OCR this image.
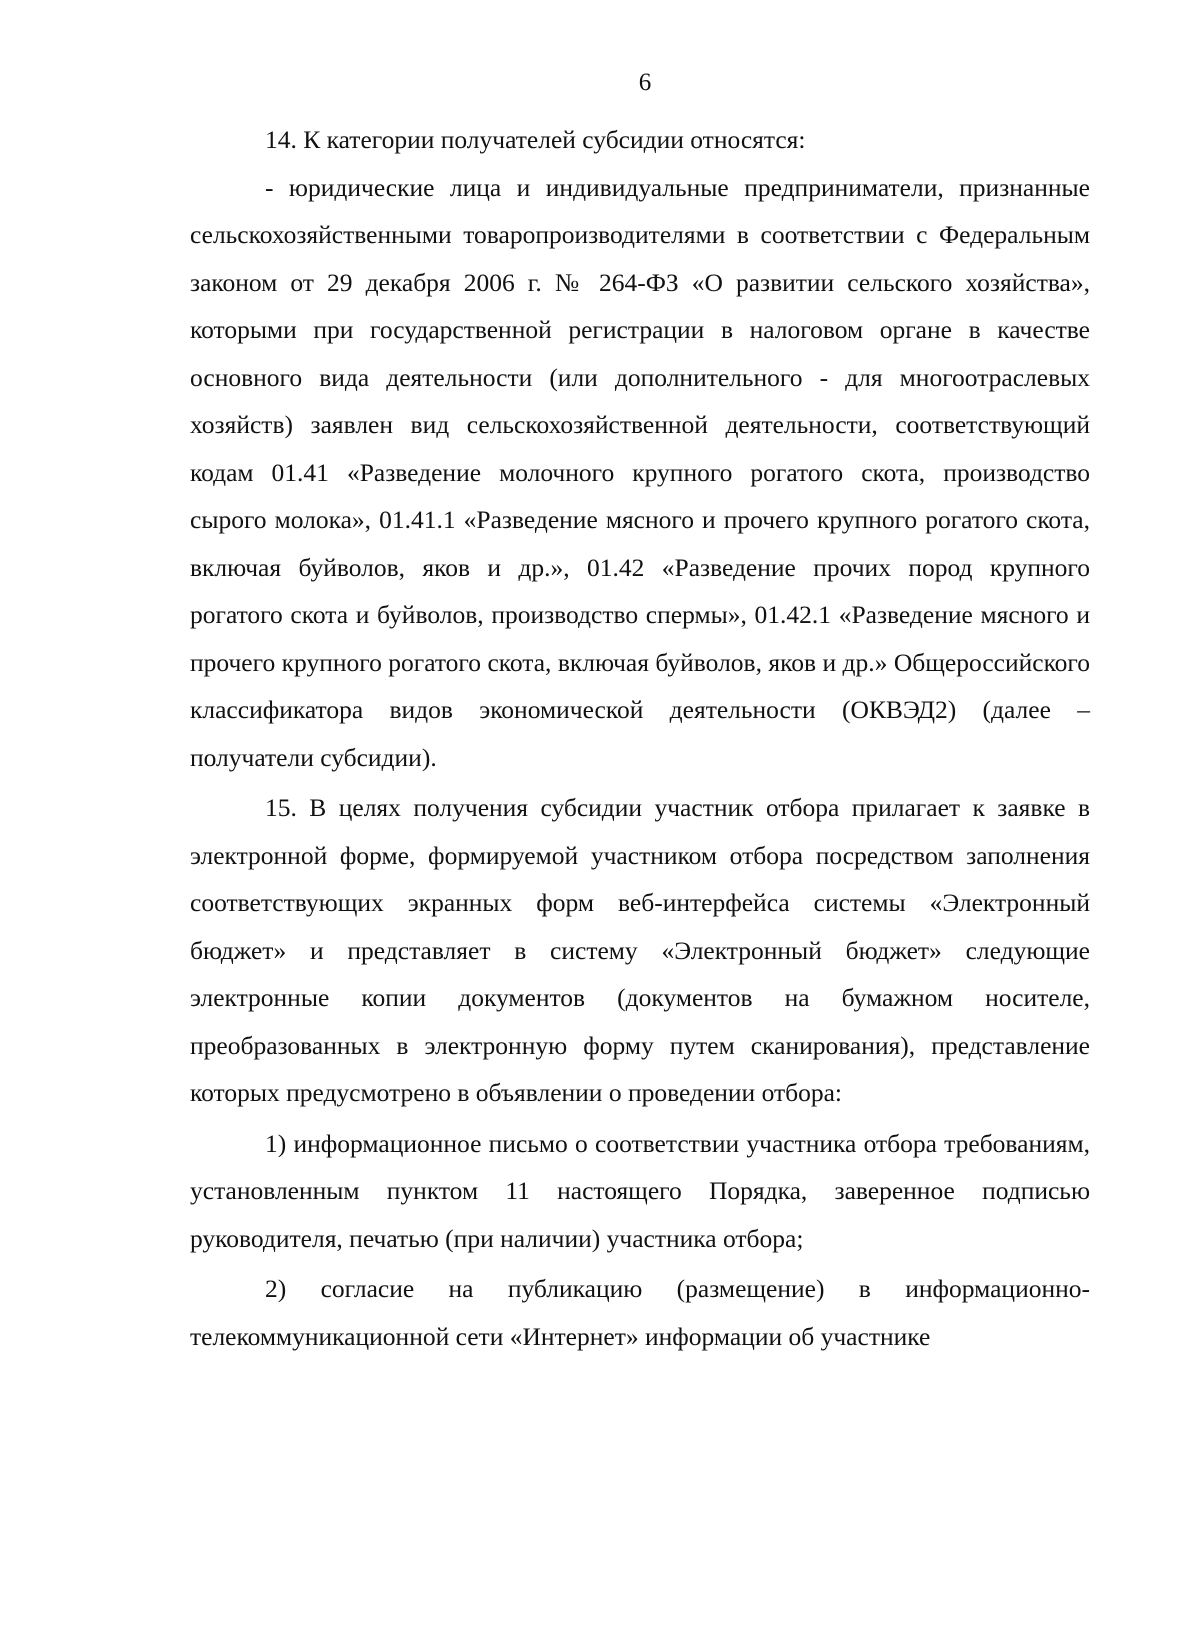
6

14. К категории получателей субсидии относятся:

- юридические лица и индивидуальные предприниматели, признанные сельскохозяйственными товаропроизводителями в соответствии с Федеральным законом от 29 декабря 2006 г. № 264-ФЗ «О развитии сельского хозяйства», которыми при государственной регистрации в налоговом органе в качестве основного вида деятельности (или дополнительного - для многоотраслевых хозяйств) заявлен вид сельскохозяйственной деятельности, соответствующий кодам 01.41 «Разведение молочного крупного рогатого скота, производство сырого молока», 01.41.1 «Разведение мясного и прочего крупного рогатого скота, включая буйволов, яков и др.», 01.42 «Разведение прочих пород крупного рогатого скота и буйволов, производство спермы», 01.42.1 «Разведение мясного и прочего крупного рогатого скота, включая буйволов, яков и др.» Общероссийского классификатора видов экономической деятельности (ОКВЭД2) (далее – получатели субсидии).

15. В целях получения субсидии участник отбора прилагает к заявке в электронной форме, формируемой участником отбора посредством заполнения соответствующих экранных форм веб-интерфейса системы «Электронный бюджет» и представляет в систему «Электронный бюджет» следующие электронные копии документов (документов на бумажном носителе, преобразованных в электронную форму путем сканирования), представление которых предусмотрено в объявлении о проведении отбора:

1) информационное письмо о соответствии участника отбора требованиям, установленным пунктом 11 настоящего Порядка, заверенное подписью руководителя, печатью (при наличии) участника отбора;

2) согласие на публикацию (размещение) в информационно-телекоммуникационной сети «Интернет» информации об участнике
